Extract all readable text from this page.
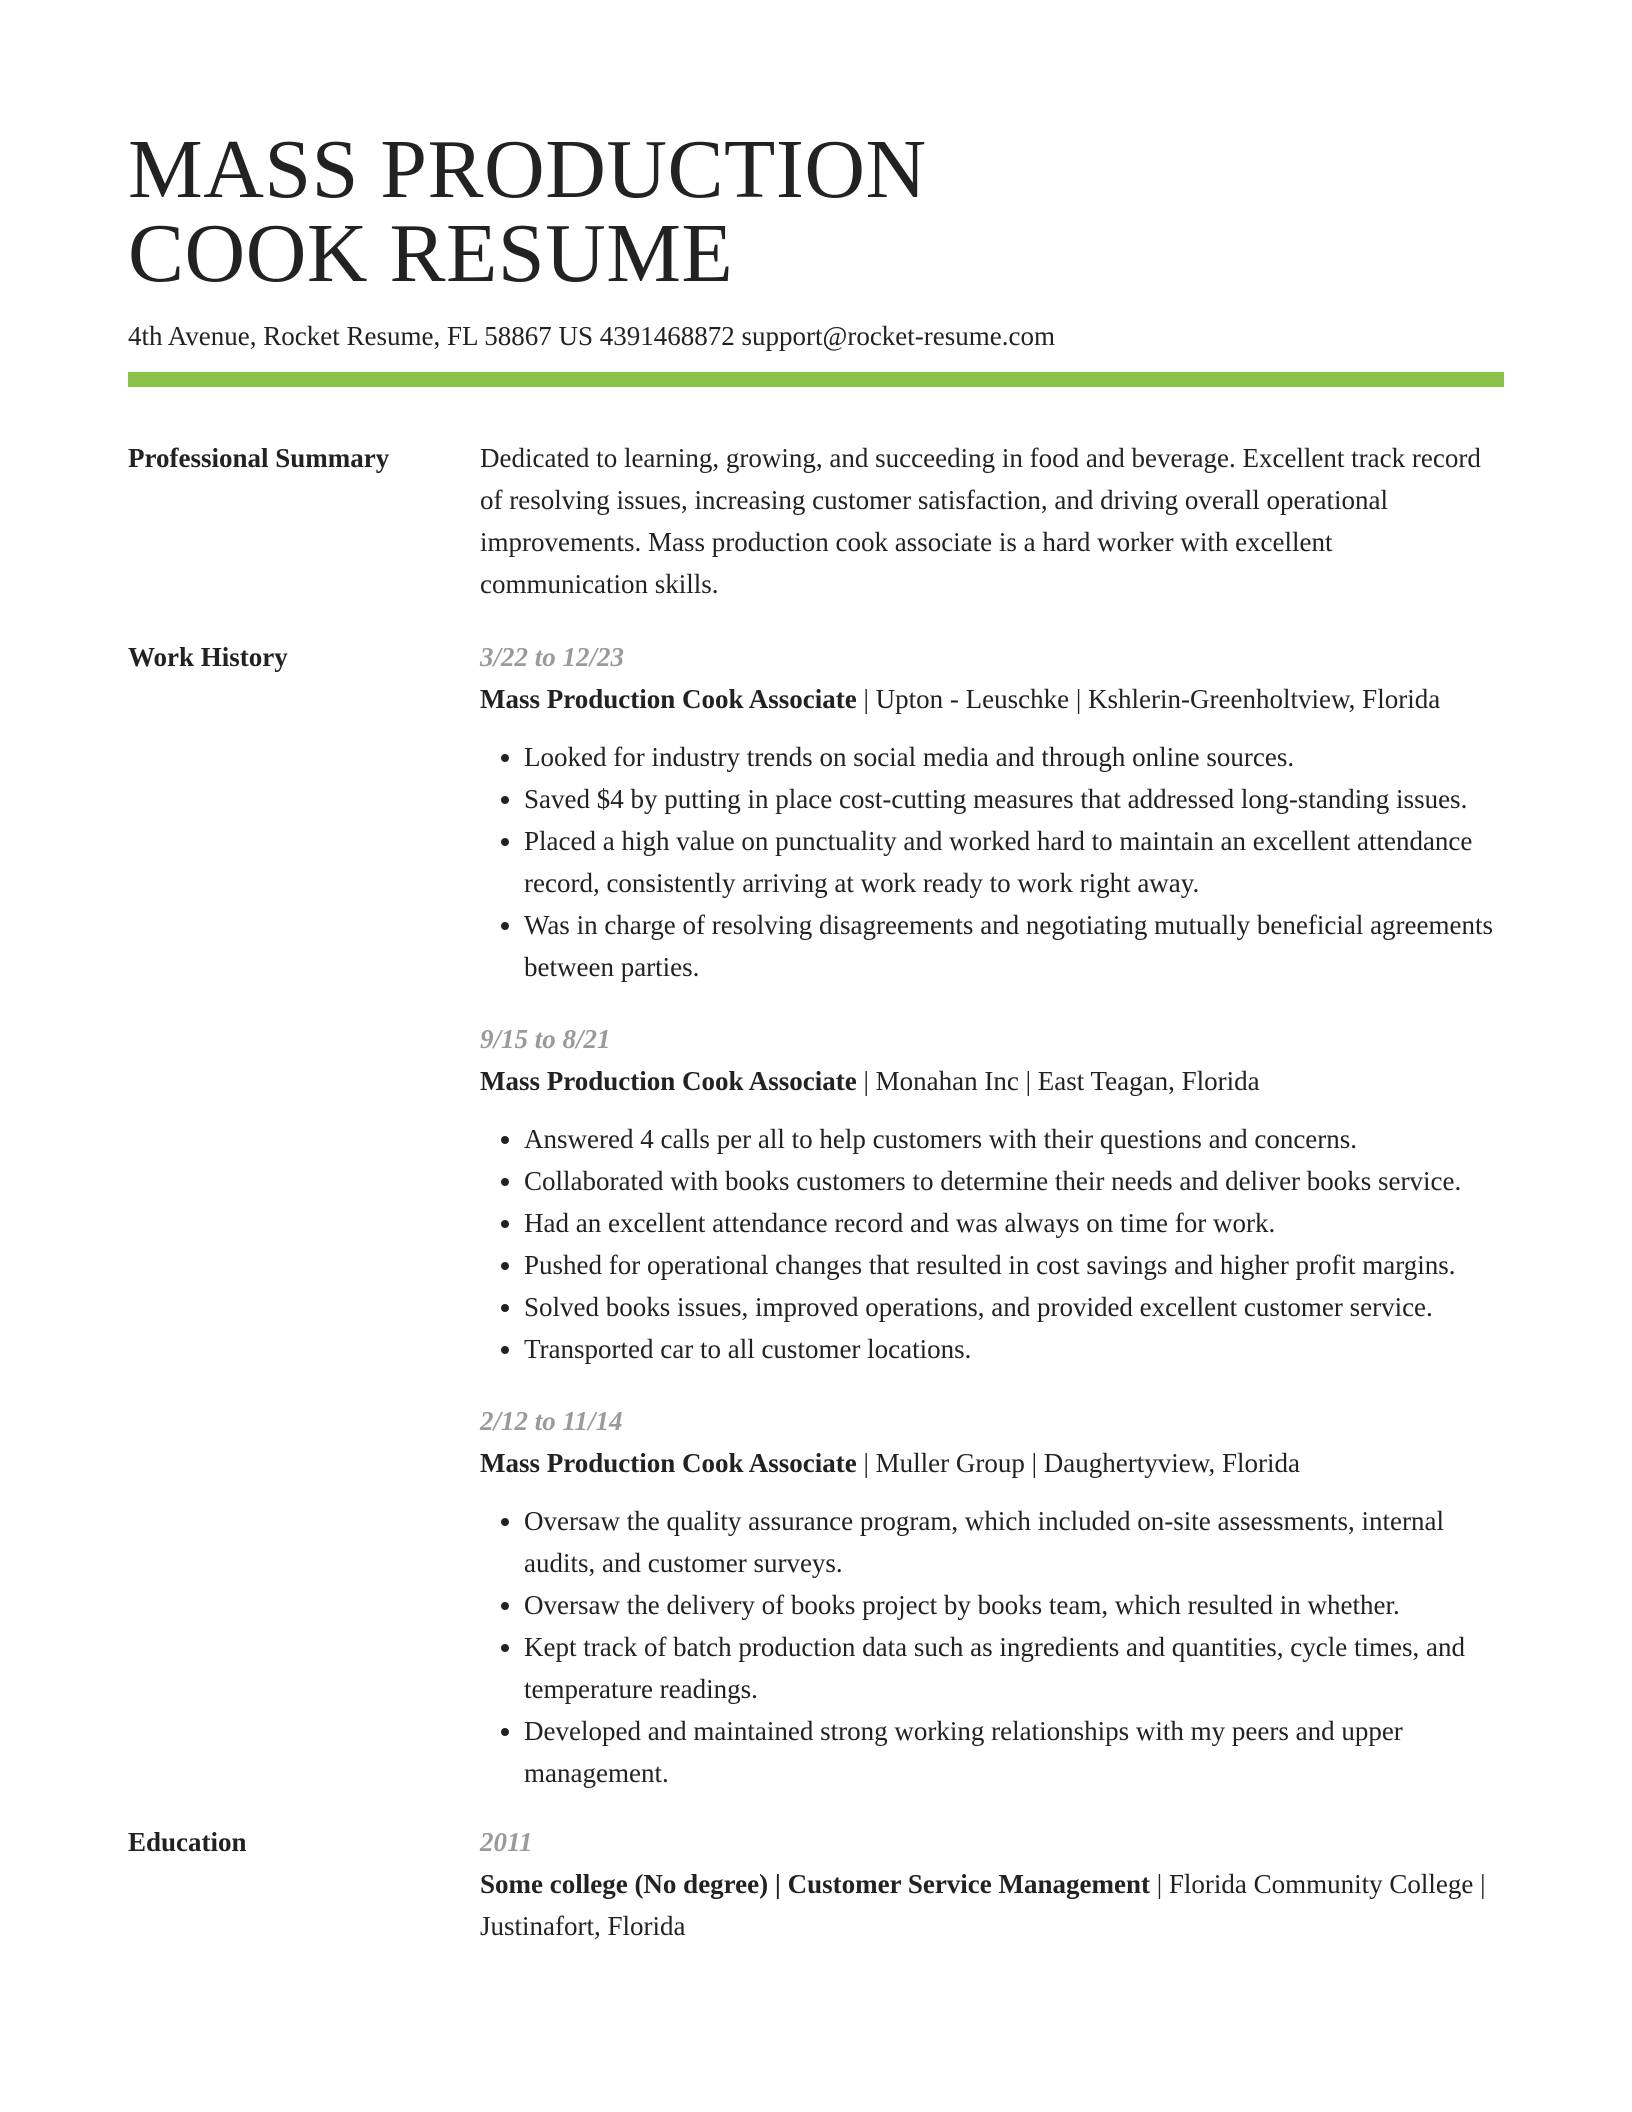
MASS PRODUCTION
COOK RESUME
4th Avenue, Rocket Resume, FL 58867 US 4391468872 support@rocket-resume.com
Professional Summary	Dedicated to learning, growing, and succeeding in food and beverage. Excellent track record of resolving issues, increasing customer satisfaction, and driving overall operational improvements. Mass production cook associate is a hard worker with excellent communication skills.

Work History	3/22 to 12/23
Mass Production Cook Associate | Upton - Leuschke | Kshlerin-Greenholtview, Florida
• Looked for industry trends on social media and through online sources.
• Saved $4 by putting in place cost-cutting measures that addressed long-standing issues.
• Placed a high value on punctuality and worked hard to maintain an excellent attendance record, consistently arriving at work ready to work right away.
• Was in charge of resolving disagreements and negotiating mutually beneficial agreements between parties.
9/15 to 8/21
Mass Production Cook Associate | Monahan Inc | East Teagan, Florida
• Answered 4 calls per all to help customers with their questions and concerns.
• Collaborated with books customers to determine their needs and deliver books service.
• Had an excellent attendance record and was always on time for work.
• Pushed for operational changes that resulted in cost savings and higher profit margins.
• Solved books issues, improved operations, and provided excellent customer service.
• Transported car to all customer locations.
2/12 to 11/14
Mass Production Cook Associate | Muller Group | Daughertyview, Florida
• Oversaw the quality assurance program, which included on-site assessments, internal audits, and customer surveys.
• Oversaw the delivery of books project by books team, which resulted in whether.
• Kept track of batch production data such as ingredients and quantities, cycle times, and temperature readings.
• Developed and maintained strong working relationships with my peers and upper management.
Education	2011
Some college (No degree) | Customer Service Management | Florida Community College | Justinafort, Florida
